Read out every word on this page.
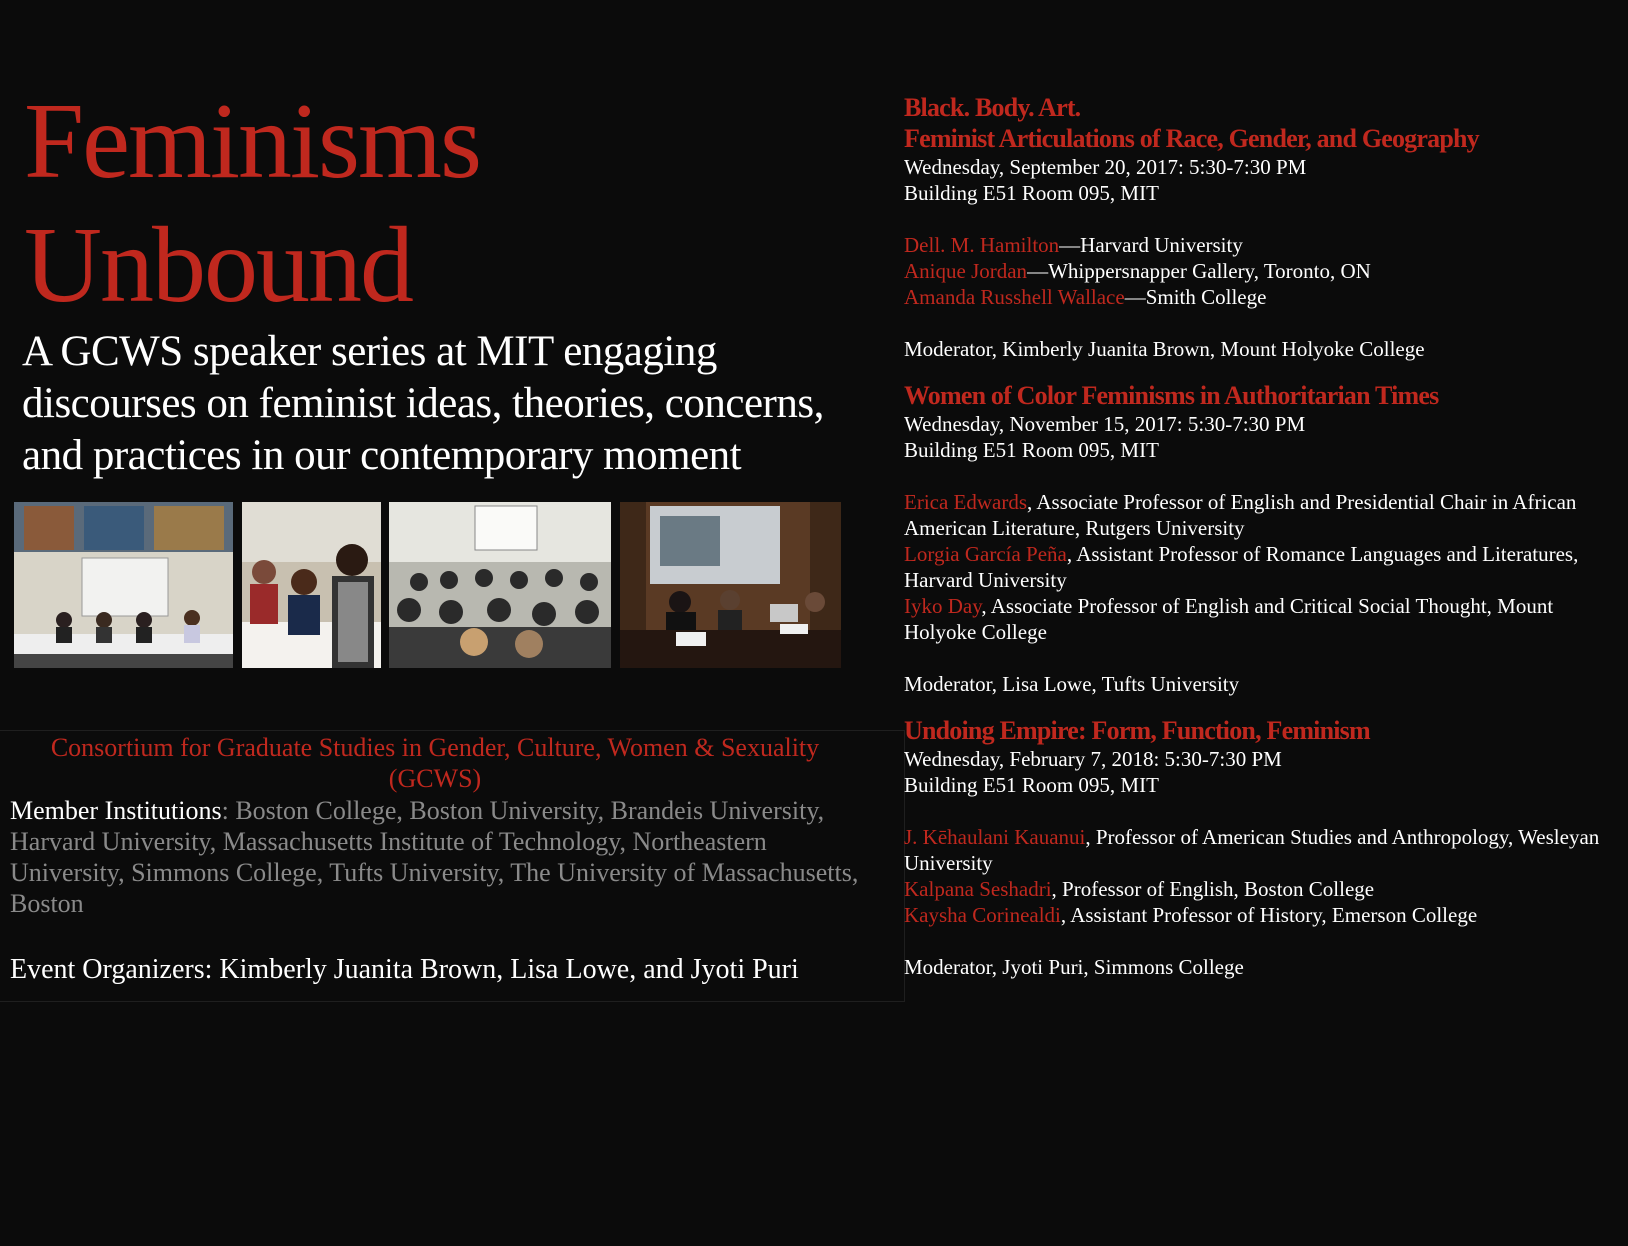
Feminisms
Unbound
A GCWS speaker series at MIT engaging discourses on feminist ideas, theories, concerns, and practices in our contemporary moment
Consortium for Graduate Studies in Gender, Culture, Women & Sexuality (GCWS)
Member Institutions: Boston College, Boston University, Brandeis University, Harvard University, Massachusetts Institute of Technology, Northeastern University, Simmons College, Tufts University, The University of Massachusetts, Boston
Event Organizers: Kimberly Juanita Brown, Lisa Lowe, and Jyoti Puri
Black. Body. Art.
Feminist Articulations of Race, Gender, and Geography
Wednesday, September 20, 2017: 5:30-7:30 PM
Building E51 Room 095, MIT
Dell. M. Hamilton—Harvard University
Anique Jordan—Whippersnapper Gallery, Toronto, ON
Amanda Russhell Wallace—Smith College
Moderator, Kimberly Juanita Brown, Mount Holyoke College
Women of Color Feminisms in Authoritarian Times
Wednesday, November 15, 2017: 5:30-7:30 PM
Building E51 Room 095, MIT
Erica Edwards, Associate Professor of English and Presidential Chair in African American Literature, Rutgers University
Lorgia García Peña, Assistant Professor of Romance Languages and Literatures, Harvard University
Iyko Day, Associate Professor of English and Critical Social Thought, Mount Holyoke College
Moderator, Lisa Lowe, Tufts University
Undoing Empire: Form, Function, Feminism
Wednesday, February 7, 2018: 5:30-7:30 PM
Building E51 Room 095, MIT
J. Kēhaulani Kauanui, Professor of American Studies and Anthropology, Wesleyan University
Kalpana Seshadri, Professor of English, Boston College
Kaysha Corinealdi, Assistant Professor of History, Emerson College
Moderator, Jyoti Puri, Simmons College
